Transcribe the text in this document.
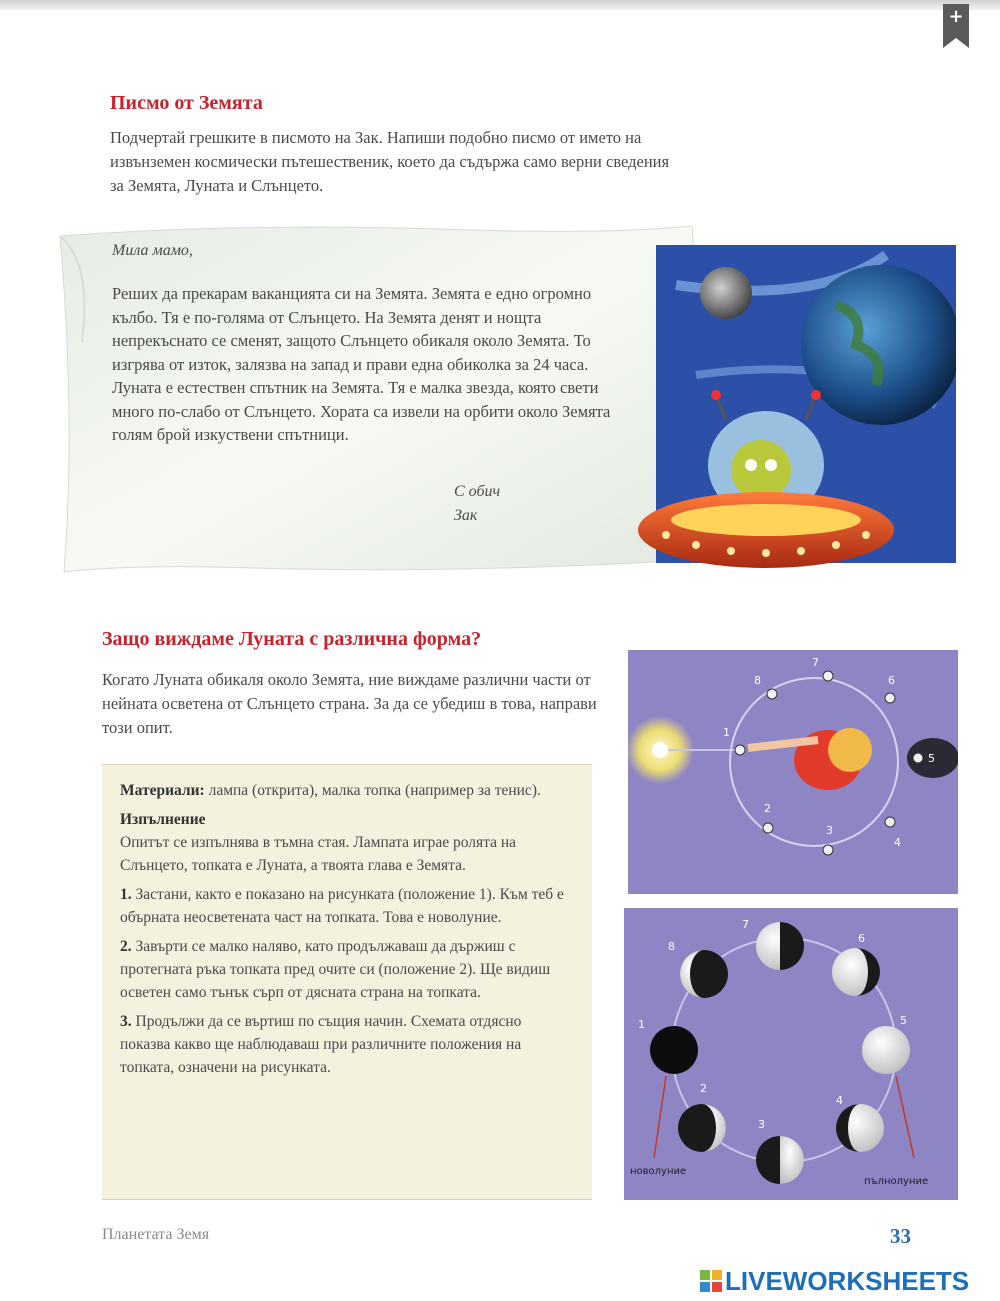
+
Писмо от Земята

Подчертай грешките в писмото на Зак. Напиши подобно писмо от името на извънземен космически пътешественик, което да съдържа само верни сведения за Земята, Луната и Слънцето.

Мила мамо,

Реших да прекарам ваканцията си на Земята. Земята е едно огромно кълбо. Тя е по-голяма от Слънцето. На Земята денят и нощта непрекъснато се сменят, защото Слънцето обикаля около Земята. То изгрява от изток, залязва на запад и прави една обиколка за 24 часа. Луната е естествен спътник на Земята. Тя е малка звезда, която свети много по-слабо от Слънцето. Хората са извели на орбити около Земята голям брой изкуствени спътници.

С обич
Зак
Защо виждаме Луната с различна форма?

Когато Луната обикаля около Земята, ние виждаме различни части от нейната осветена от Слънцето страна. За да се убедиш в това, направи този опит.

Материали: лампа (открита), малка топка (например за тенис).

Изпълнение

Опитът се изпълнява в тъмна стая. Лампата играе ролята на Слънцето, топката е Луната, а твоята глава е Земята.

1. Застани, както е показано на рисунката (положение 1). Към теб е обърната неосветената част на топката. Това е новолуние.

2. Завърти се малко наляво, като продължаваш да държиш с протегната ръка топката пред очите си (положение 2). Ще видиш осветен само тънък сърп от дясната страна на топката.

3. Продължи да се въртиш по същия начин. Схемата отдясно показва какво ще наблюдаваш при различните положения на топката, означени на рисунката.

1
2
3
4
5
6
7
8
1
2
3
4
5
6
7
8
новолуние
пълнолуние

Планетата Земя	33

LIVEWORKSHEETS
